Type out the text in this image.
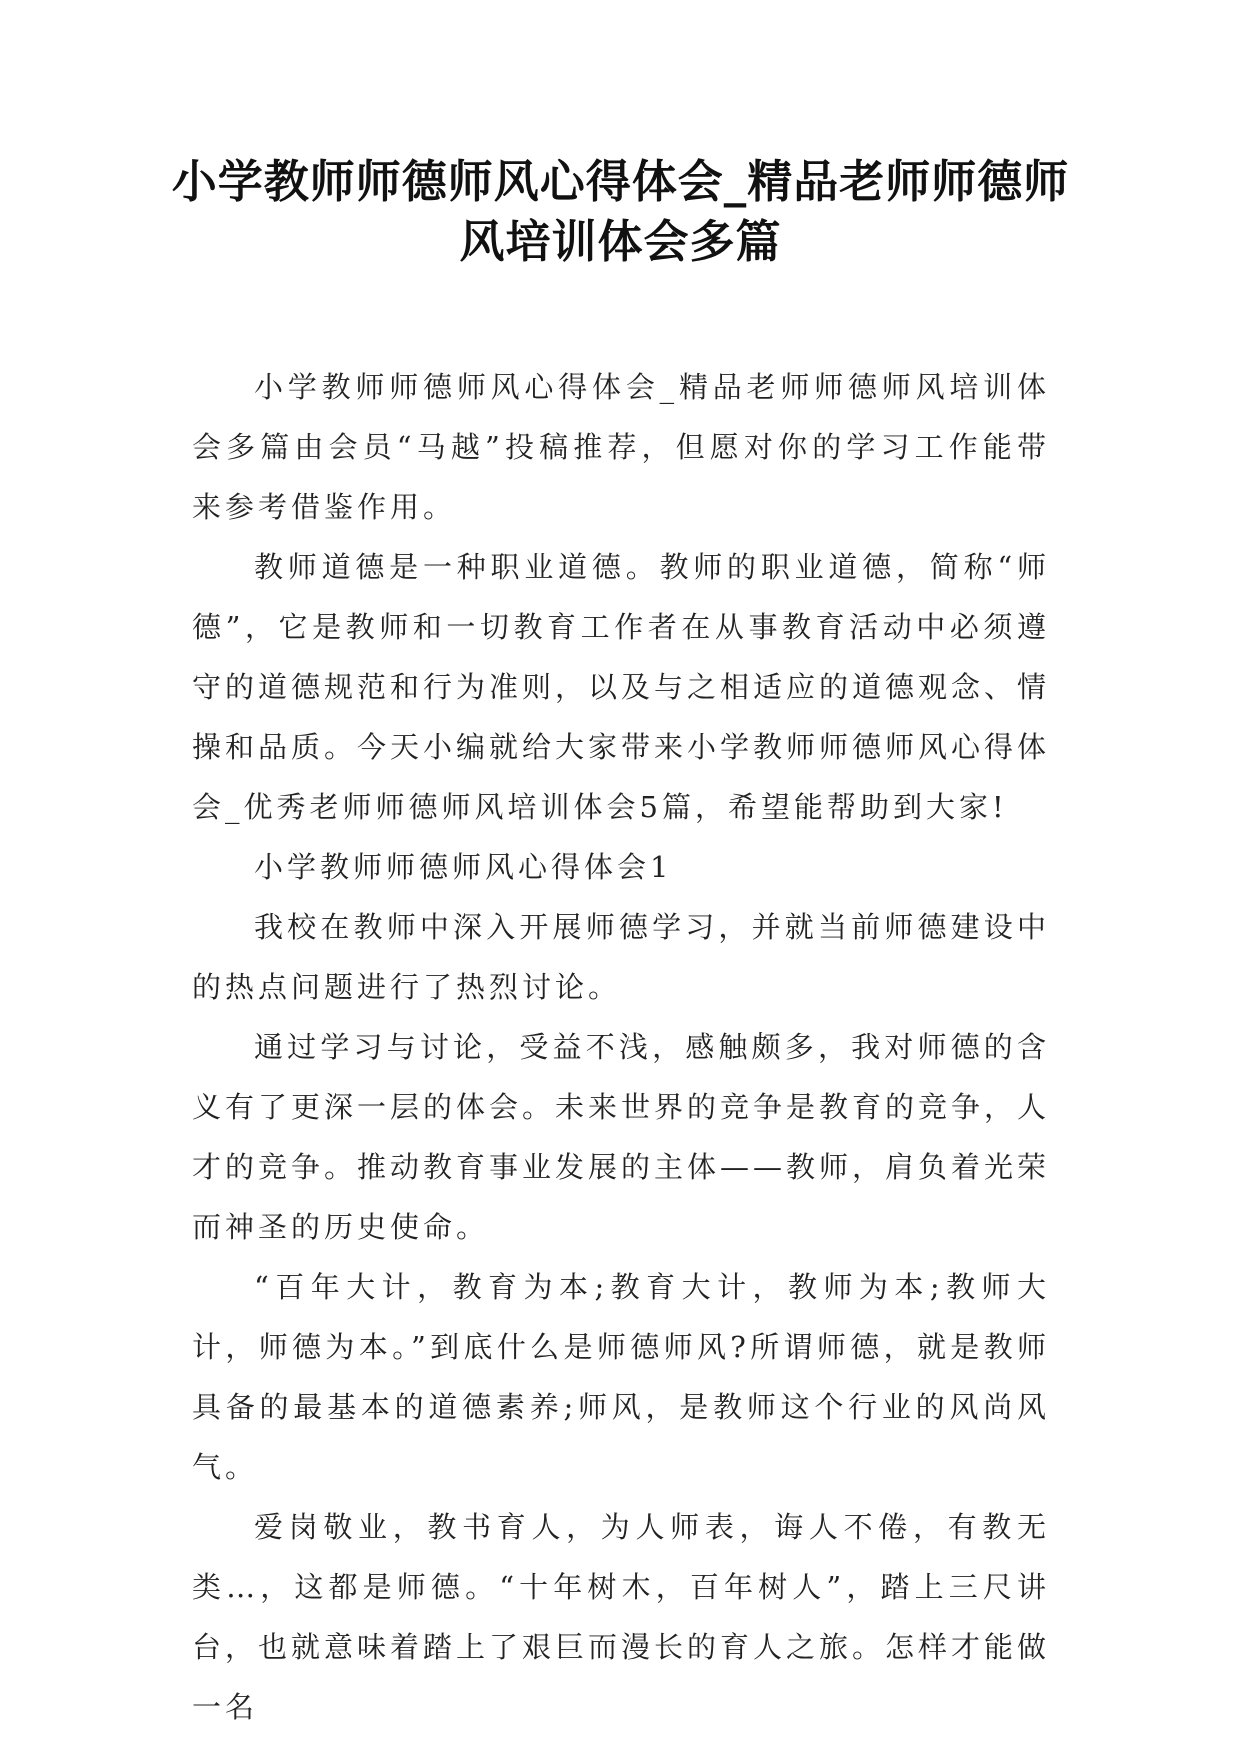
小学教师师德师风心得体会_精品老师师德师风培训体会多篇

小学教师师德师风心得体会_精品老师师德师风培训体会多篇由会员“马越”投稿推荐，但愿对你的学习工作能带来参考借鉴作用。

教师道德是一种职业道德。教师的职业道德，简称“师德”，它是教师和一切教育工作者在从事教育活动中必须遵守的道德规范和行为准则，以及与之相适应的道德观念、情操和品质。今天小编就给大家带来小学教师师德师风心得体会_优秀老师师德师风培训体会5篇，希望能帮助到大家!

小学教师师德师风心得体会1

我校在教师中深入开展师德学习，并就当前师德建设中的热点问题进行了热烈讨论。

通过学习与讨论，受益不浅，感触颇多，我对师德的含义有了更深一层的体会。未来世界的竞争是教育的竞争，人才的竞争。推动教育事业发展的主体——教师，肩负着光荣而神圣的历史使命。

“百年大计，教育为本;教育大计，教师为本;教师大计，师德为本。”到底什么是师德师风?所谓师德，就是教师具备的最基本的道德素养;师风，是教师这个行业的风尚风气。

爱岗敬业，教书育人，为人师表，诲人不倦，有教无类…，这都是师德。“十年树木，百年树人”，踏上三尺讲台，也就意味着踏上了艰巨而漫长的育人之旅。怎样才能做一名
